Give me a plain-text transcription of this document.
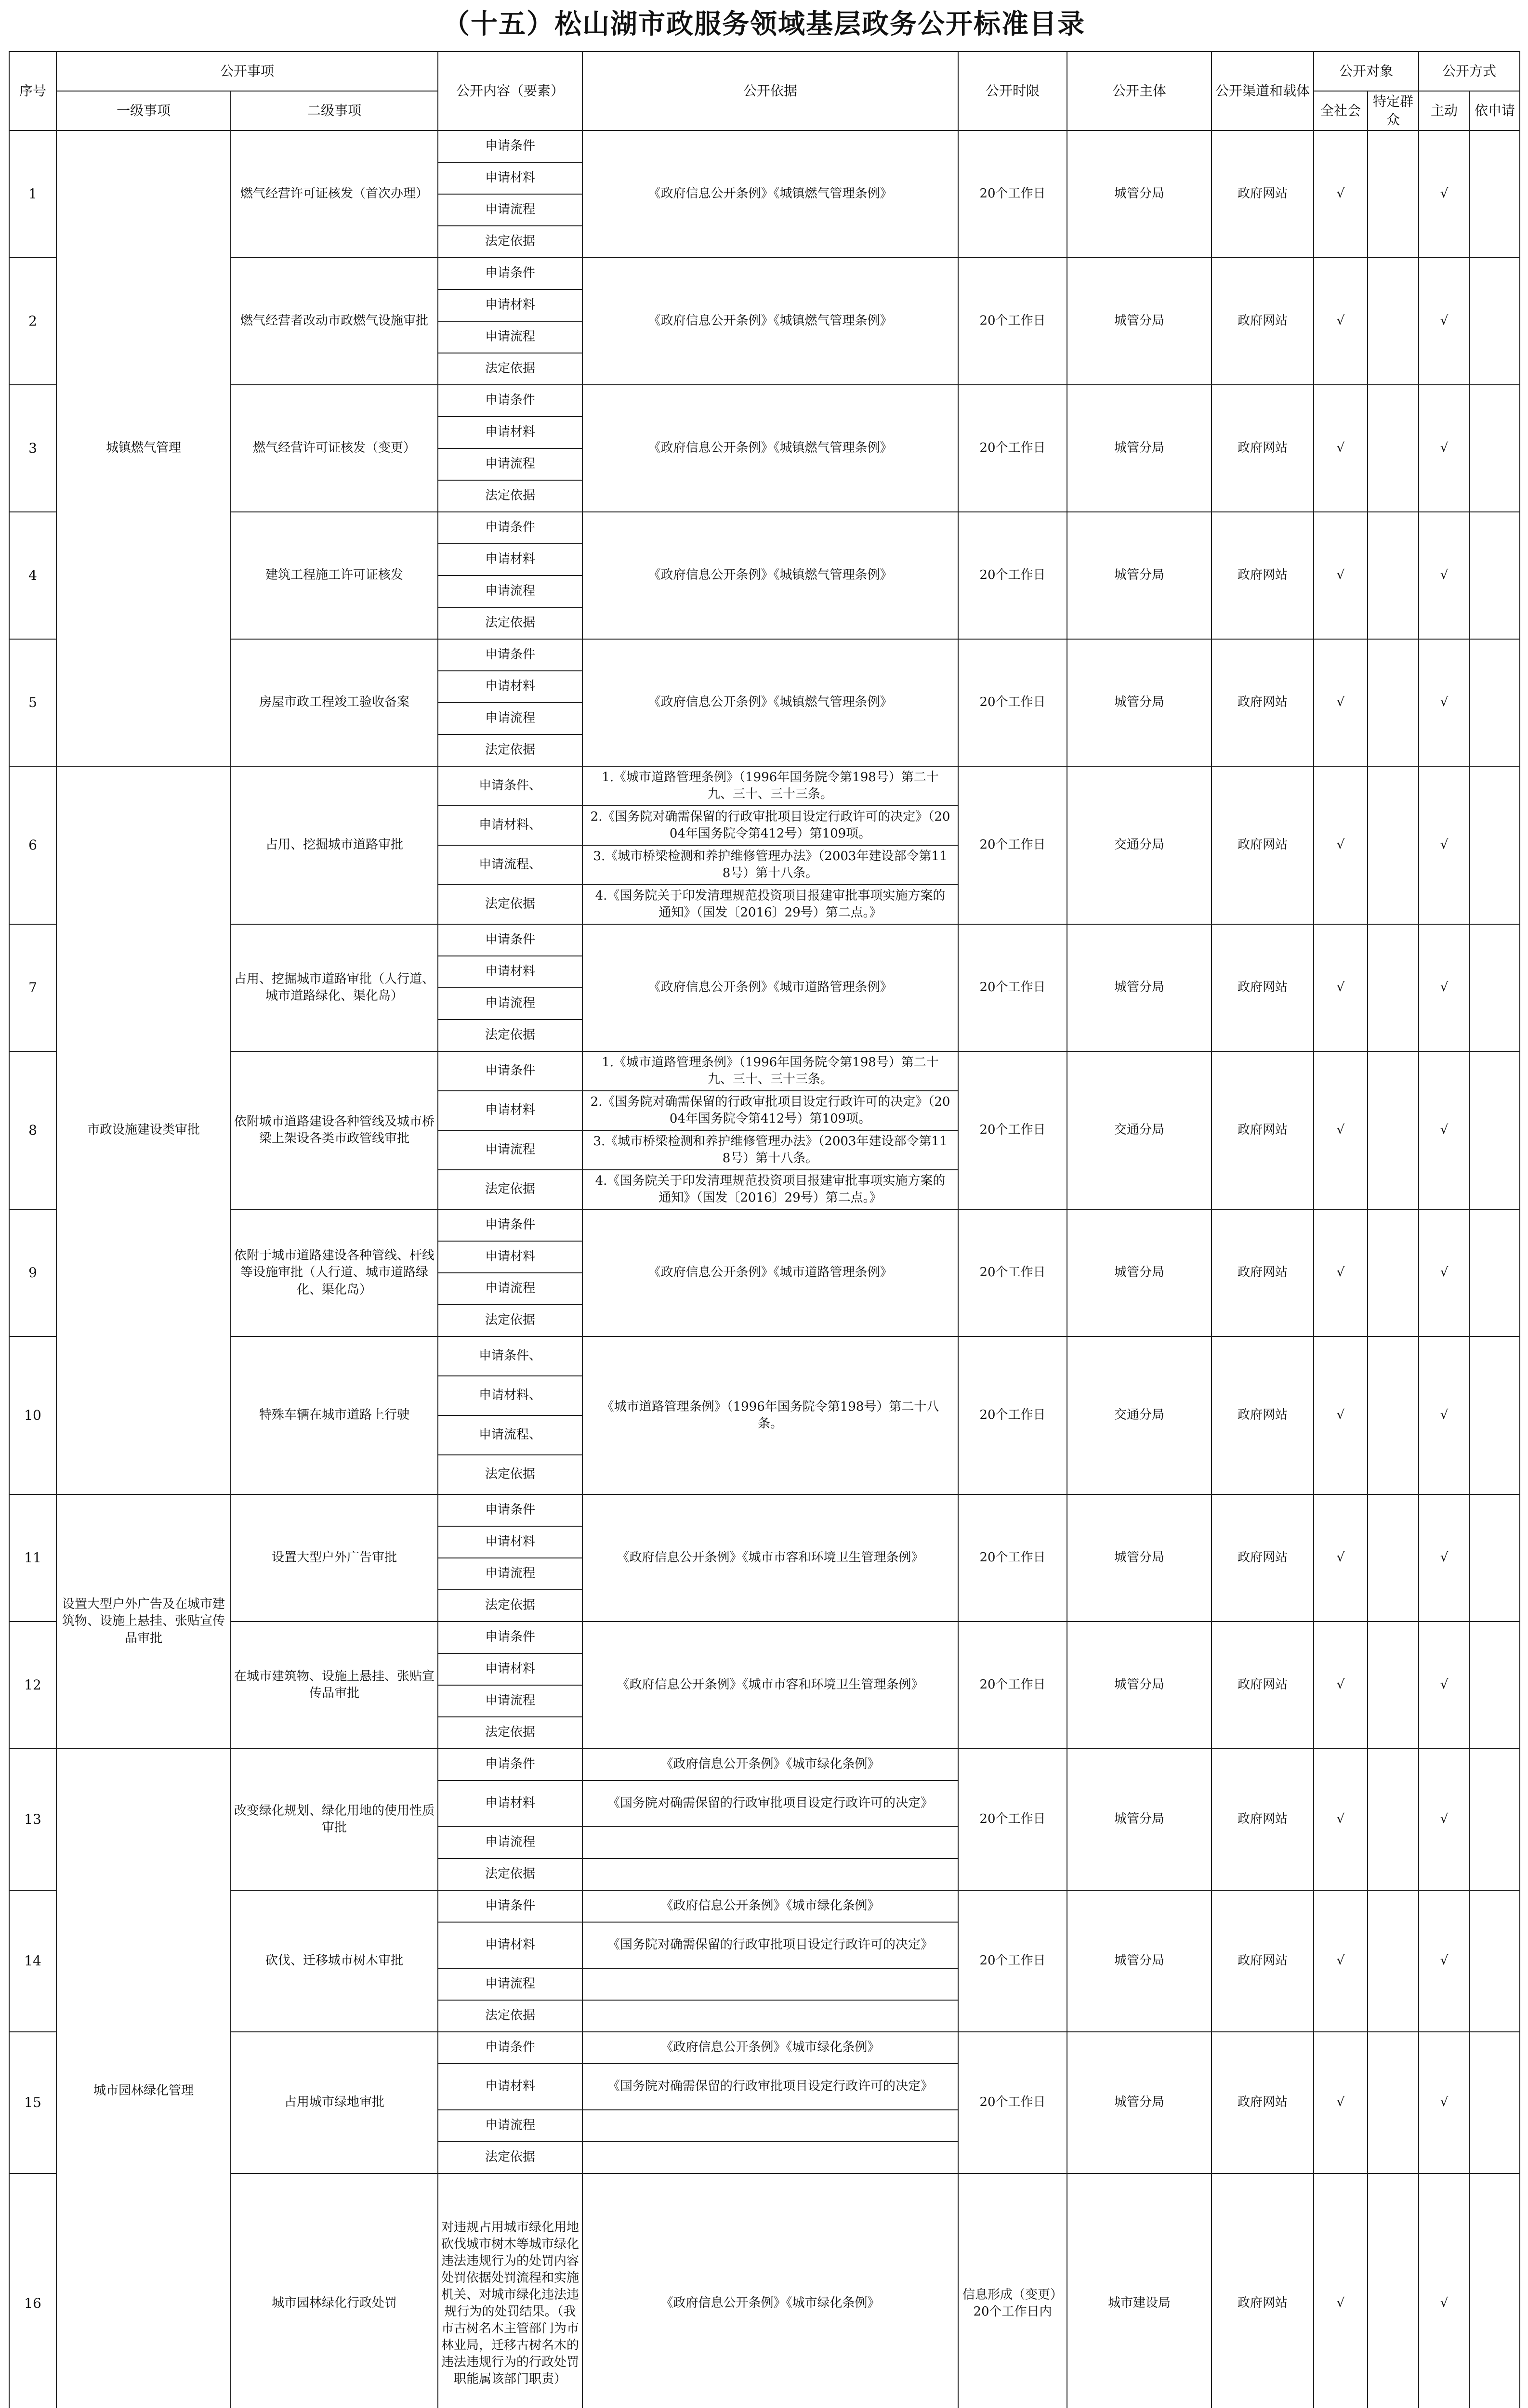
（十五）松山湖市政服务领域基层政务公开标准目录
序号	公开事项		公开内容（要素）	公开依据	公开时限	公开主体	公开渠道和载体	公开对象		公开方式	
	一级事项	二级事项						全社会	特定群众	主动	依申请
1	城镇燃气管理	燃气经营许可证核发（首次办理）	申请条件	《政府信息公开条例》《城镇燃气管理条例》	20个工作日	城管分局	政府网站	√		√	
			申请材料								
			申请流程								
			法定依据								
2		燃气经营者改动市政燃气设施审批	申请条件	《政府信息公开条例》《城镇燃气管理条例》	20个工作日	城管分局	政府网站	√		√	
			申请材料								
			申请流程								
			法定依据								
3		燃气经营许可证核发（变更）	申请条件	《政府信息公开条例》《城镇燃气管理条例》	20个工作日	城管分局	政府网站	√		√	
			申请材料								
			申请流程								
			法定依据								
4		建筑工程施工许可证核发	申请条件	《政府信息公开条例》《城镇燃气管理条例》	20个工作日	城管分局	政府网站	√		√	
			申请材料								
			申请流程								
			法定依据								
5		房屋市政工程竣工验收备案	申请条件	《政府信息公开条例》《城镇燃气管理条例》	20个工作日	城管分局	政府网站	√		√	
			申请材料								
			申请流程								
			法定依据								
6	市政设施建设类审批	占用、挖掘城市道路审批	申请条件、	1.《城市道路管理条例》（1996年国务院令第198号）第二十九、三十、三十三条。	20个工作日	交通分局	政府网站	√		√	
			申请材料、	2.《国务院对确需保留的行政审批项目设定行政许可的决定》（2004年国务院令第412号）第109项。							
			申请流程、	3.《城市桥梁检测和养护维修管理办法》（2003年建设部令第118号）第十八条。							
			法定依据	4.《国务院关于印发清理规范投资项目报建审批事项实施方案的通知》（国发〔2016〕29号）第二点。》							
7		占用、挖掘城市道路审批（人行道、城市道路绿化、渠化岛）	申请条件	《政府信息公开条例》《城市道路管理条例》	20个工作日	城管分局	政府网站	√		√	
			申请材料								
			申请流程								
			法定依据								
8		依附城市道路建设各种管线及城市桥梁上架设各类市政管线审批	申请条件	1.《城市道路管理条例》（1996年国务院令第198号）第二十九、三十、三十三条。	20个工作日	交通分局	政府网站	√		√	
			申请材料	2.《国务院对确需保留的行政审批项目设定行政许可的决定》（2004年国务院令第412号）第109项。							
			申请流程	3.《城市桥梁检测和养护维修管理办法》（2003年建设部令第118号）第十八条。							
			法定依据	4.《国务院关于印发清理规范投资项目报建审批事项实施方案的通知》（国发〔2016〕29号）第二点。》							
9		依附于城市道路建设各种管线、杆线等设施审批（人行道、城市道路绿化、渠化岛）	申请条件	《政府信息公开条例》《城市道路管理条例》	20个工作日	城管分局	政府网站	√		√	
			申请材料								
			申请流程								
			法定依据								
10		特殊车辆在城市道路上行驶	申请条件、	《城市道路管理条例》（1996年国务院令第198号）第二十八条。	20个工作日	交通分局	政府网站	√		√	
			申请材料、								
			申请流程、								
			法定依据								
11	设置大型户外广告及在城市建筑物、设施上悬挂、张贴宣传品审批	设置大型户外广告审批	申请条件	《政府信息公开条例》《城市市容和环境卫生管理条例》	20个工作日	城管分局	政府网站	√		√	
			申请材料								
			申请流程								
			法定依据								
12		在城市建筑物、设施上悬挂、张贴宣传品审批	申请条件	《政府信息公开条例》《城市市容和环境卫生管理条例》	20个工作日	城管分局	政府网站	√		√	
			申请材料								
			申请流程								
			法定依据								
13	城市园林绿化管理	改变绿化规划、绿化用地的使用性质审批	申请条件	《政府信息公开条例》《城市绿化条例》	20个工作日	城管分局	政府网站	√		√	
			申请材料	《国务院对确需保留的行政审批项目设定行政许可的决定》							
			申请流程								
			法定依据								
14		砍伐、迁移城市树木审批	申请条件	《政府信息公开条例》《城市绿化条例》	20个工作日	城管分局	政府网站	√		√	
			申请材料	《国务院对确需保留的行政审批项目设定行政许可的决定》							
			申请流程								
			法定依据								
15		占用城市绿地审批	申请条件	《政府信息公开条例》《城市绿化条例》	20个工作日	城管分局	政府网站	√		√	
			申请材料	《国务院对确需保留的行政审批项目设定行政许可的决定》							
			申请流程								
			法定依据								
16		城市园林绿化行政处罚	对违规占用城市绿化用地砍伐城市树木等城市绿化违法违规行为的处罚内容处罚依据处罚流程和实施机关、对城市绿化违法违规行为的处罚结果。（我市古树名木主管部门为市林业局，迁移古树名木的违法违规行为的行政处罚职能属该部门职责）	《政府信息公开条例》《城市绿化条例》	信息形成（变更）20个工作日内	城市建设局	政府网站	√		√	
